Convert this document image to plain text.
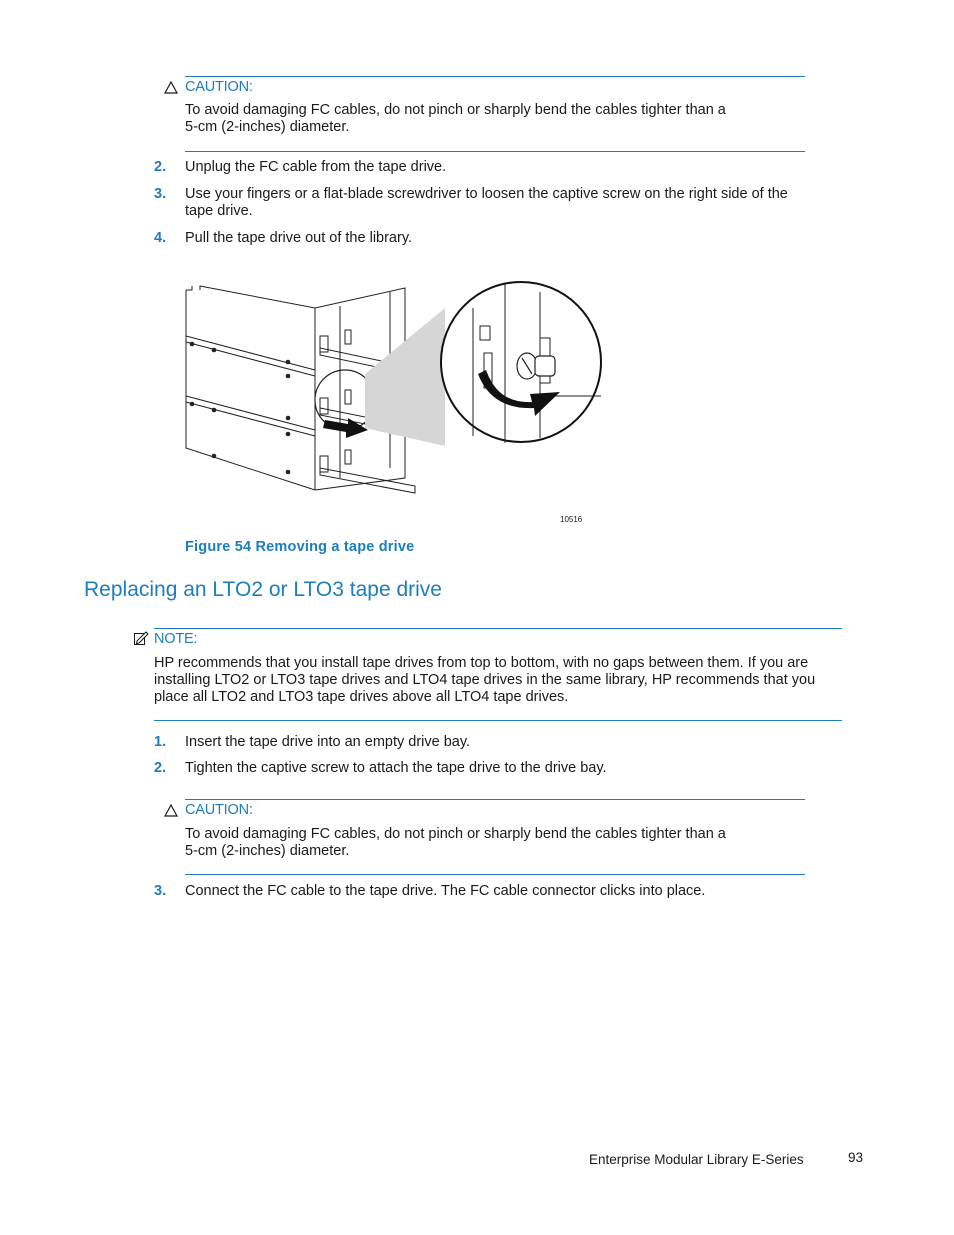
CAUTION:
To avoid damaging FC cables, do not pinch or sharply bend the cables tighter than a
5-cm (2-inches) diameter.
2. Unplug the FC cable from the tape drive.
3. Use your fingers or a flat-blade screwdriver to loosen the captive screw on the right side of the
tape drive.
4. Pull the tape drive out of the library.
10516
Figure 54 Removing a tape drive
Replacing an LTO2 or LTO3 tape drive
NOTE:
HP recommends that you install tape drives from top to bottom, with no gaps between them. If you are
installing LTO2 or LTO3 tape drives and LTO4 tape drives in the same library, HP recommends that you
place all LTO2 and LTO3 tape drives above all LTO4 tape drives.
1. Insert the tape drive into an empty drive bay.
2. Tighten the captive screw to attach the tape drive to the drive bay.
CAUTION:
To avoid damaging FC cables, do not pinch or sharply bend the cables tighter than a
5-cm (2-inches) diameter.
3. Connect the FC cable to the tape drive. The FC cable connector clicks into place.
Enterprise Modular Library E-Series	93
